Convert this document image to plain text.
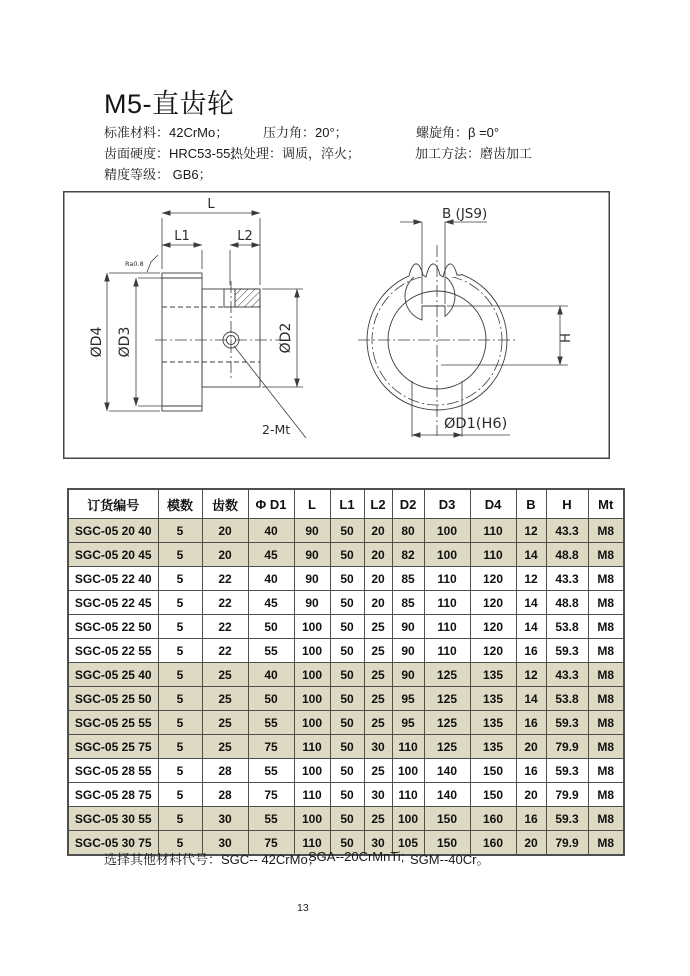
M5-直齿轮
标准材料：42CrMo；	压力角：20°；	螺旋角：β =0°
齿面硬度：HRC53-55；
热处理：调质，淬火；	加工方法：磨齿加工
精度等级： GB6；
Ra0.8
L
L1	L2
ØD4 ØD3	ØD2
2-Mt
B (JS9)
H
ØD1(H6)
订货编号	模数	齿数	Φ D1	L	L1	L2	D2	D3	D4	B	H	Mt
SGC-05 20 40	5	20	40	90	50	20	80	100	110	12	43.3	M8
SGC-05 20 45	5	20	45	90	50	20	82	100	110	14	48.8	M8
SGC-05 22 40	5	22	40	90	50	20	85	110	120	12	43.3	M8
SGC-05 22 45	5	22	45	90	50	20	85	110	120	14	48.8	M8
SGC-05 22 50	5	22	50	100	50	25	90	110	120	14	53.8	M8
SGC-05 22 55	5	22	55	100	50	25	90	110	120	16	59.3	M8
SGC-05 25 40	5	25	40	100	50	25	90	125	135	12	43.3	M8
SGC-05 25 50	5	25	50	100	50	25	95	125	135	14	53.8	M8
SGC-05 25 55	5	25	55	100	50	25	95	125	135	16	59.3	M8
SGC-05 25 75	5	25	75	110	50	30	110	125	135	20	79.9	M8
SGC-05 28 55	5	28	55	100	50	25	100	140	150	16	59.3	M8
SGC-05 28 75	5	28	75	110	50	30	110	140	150	20	79.9	M8
SGC-05 30 55	5	30	55	100	50	25	100	150	160	16	59.3	M8
SGC-05 30 75	5	30	75	110	50	30	105	150	160	20	79.9	M8
选择其他材料代号：SGC-- 42CrMo；
SGA--20CrMnTi; SGM--40Cr。
13
